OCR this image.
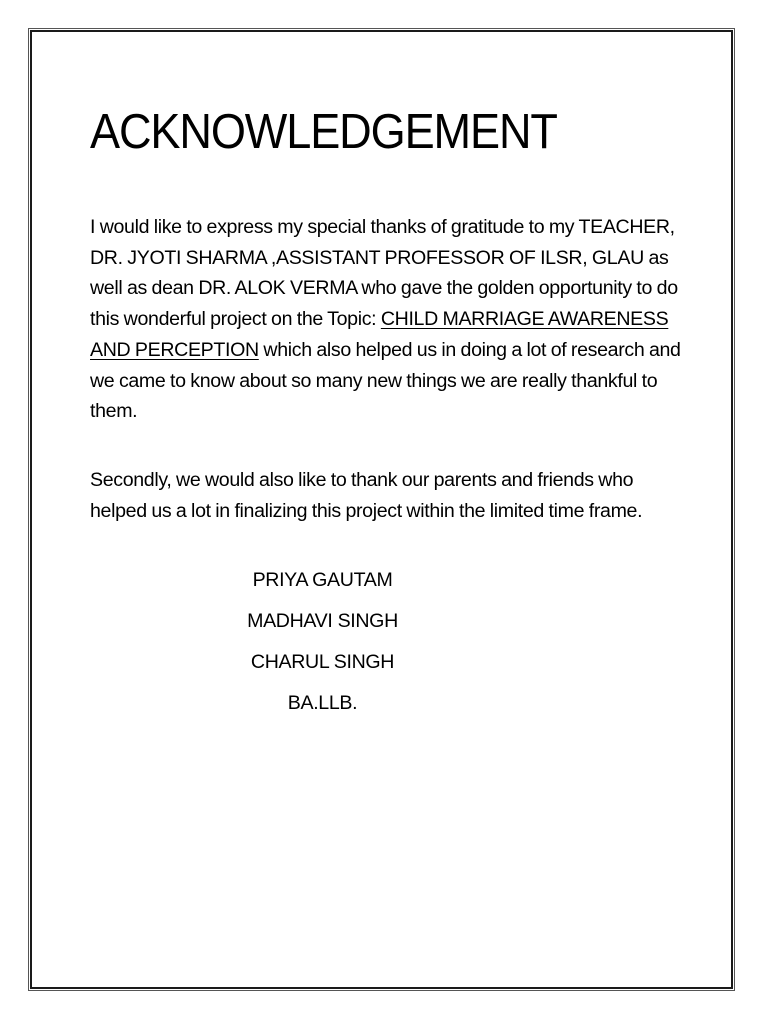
ACKNOWLEDGEMENT

I would like to express my special thanks of gratitude to my TEACHER, DR. JYOTI SHARMA ,ASSISTANT PROFESSOR OF ILSR, GLAU as well as dean DR. ALOK VERMA who gave the golden opportunity to do this wonderful project on the Topic: CHILD MARRIAGE AWARENESS AND PERCEPTION which also helped us in doing a lot of research and we came to know about so many new things we are really thankful to them.

Secondly, we would also like to thank our parents and friends who helped us a lot in finalizing this project within the limited time frame.

PRIYA GAUTAM
MADHAVI SINGH
CHARUL SINGH
BA.LLB.
